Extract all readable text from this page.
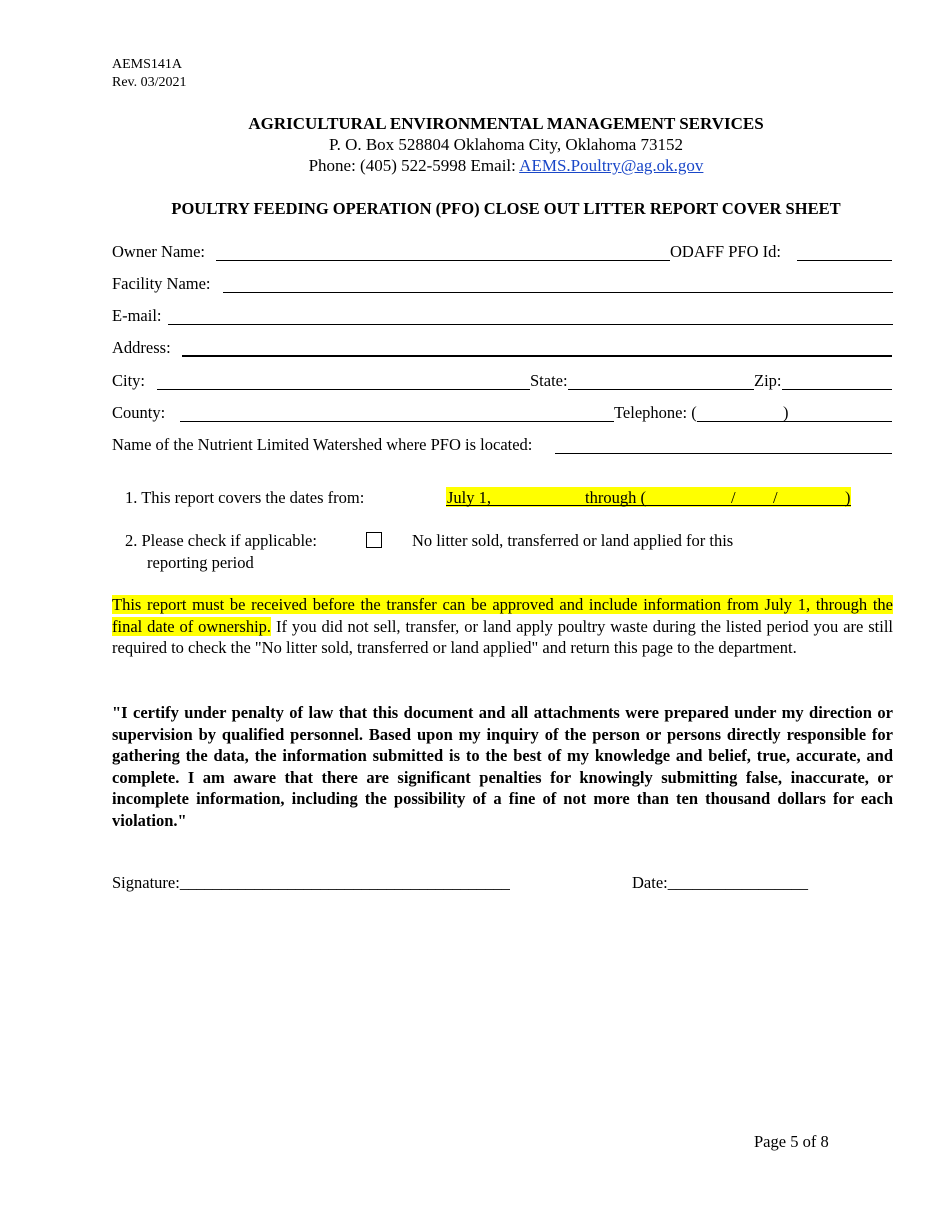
AEMS141A
Rev. 03/2021
AGRICULTURAL ENVIRONMENTAL MANAGEMENT SERVICES
P. O. Box 528804 Oklahoma City, Oklahoma 73152
Phone: (405) 522-5998 Email: AEMS.Poultry@ag.ok.gov
POULTRY FEEDING OPERATION (PFO) CLOSE OUT LITTER REPORT COVER SHEET
Owner Name:	ODAFF PFO Id:
Facility Name:
E-mail:
Address:
City:	State:	Zip:
County:	Telephone: (	)
Name of the Nutrient Limited Watershed where PFO is located:
1. This report covers the dates from:	July 1,	through (	/ /	)
2. Please check if applicable:	No litter sold, transferred or land applied for this
reporting period
This report must be received before the transfer can be approved and include information from July 1, through the final date of ownership. If you did not sell, transfer, or land apply poultry waste during the listed period you are still required to check the "No litter sold, transferred or land applied" and return this page to the department.
"I certify under penalty of law that this document and all attachments were prepared under my direction or supervision by qualified personnel. Based upon my inquiry of the person or persons directly responsible for gathering the data, the information submitted is to the best of my knowledge and belief, true, accurate, and complete. I am aware that there are significant penalties for knowingly submitting false, inaccurate, or incomplete information, including the possibility of a fine of not more than ten thousand dollars for each violation."
Signature:________________________________________	Date:_________________
Page 5 of 8
